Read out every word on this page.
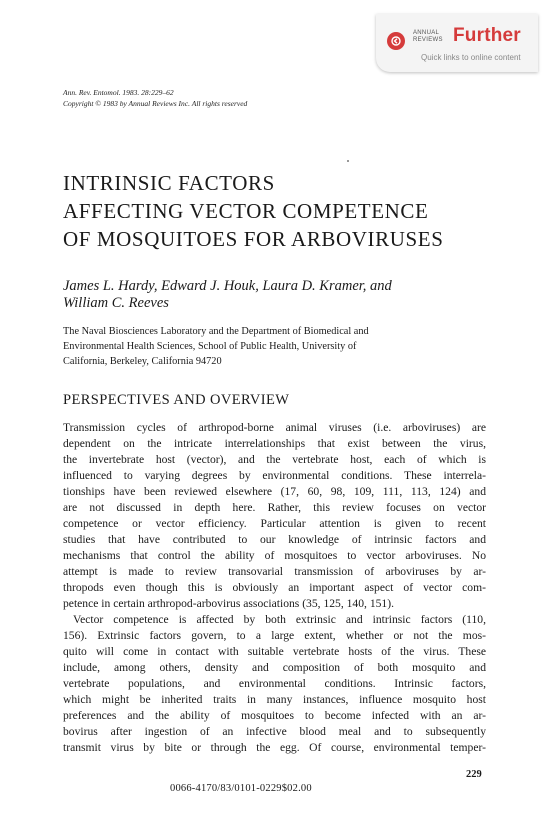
ANNUAL
REVIEWS Further
Quick links to online content
Ann. Rev. Entomol. 1983. 28:229–62
Copyright © 1983 by Annual Reviews Inc. All rights reserved
INTRINSIC FACTORS
AFFECTING VECTOR COMPETENCE
OF MOSQUITOES FOR ARBOVIRUSES
James L. Hardy, Edward J. Houk, Laura D. Kramer, and
William C. Reeves
The Naval Biosciences Laboratory and the Department of Biomedical and
Environmental Health Sciences, School of Public Health, University of
California, Berkeley, California 94720
PERSPECTIVES AND OVERVIEW
Transmission cycles of arthropod-borne animal viruses (i.e. arboviruses) are
dependent on the intricate interrelationships that exist between the virus,
the invertebrate host (vector), and the vertebrate host, each of which is
influenced to varying degrees by environmental conditions. These interrela-
tionships have been reviewed elsewhere (17, 60, 98, 109, 111, 113, 124) and
are not discussed in depth here. Rather, this review focuses on vector
competence or vector efficiency. Particular attention is given to recent
studies that have contributed to our knowledge of intrinsic factors and
mechanisms that control the ability of mosquitoes to vector arboviruses. No
attempt is made to review transovarial transmission of arboviruses by ar-
thropods even though this is obviously an important aspect of vector com-
petence in certain arthropod-arbovirus associations (35, 125, 140, 151).
Vector competence is affected by both extrinsic and intrinsic factors (110,
156). Extrinsic factors govern, to a large extent, whether or not the mos-
quito will come in contact with suitable vertebrate hosts of the virus. These
include, among others, density and composition of both mosquito and
vertebrate populations, and environmental conditions. Intrinsic factors,
which might be inherited traits in many instances, influence mosquito host
preferences and the ability of mosquitoes to become infected with an ar-
bovirus after ingestion of an infective blood meal and to subsequently
transmit virus by bite or through the egg. Of course, environmental temper-
229
0066-4170/83/0101-0229$02.00
